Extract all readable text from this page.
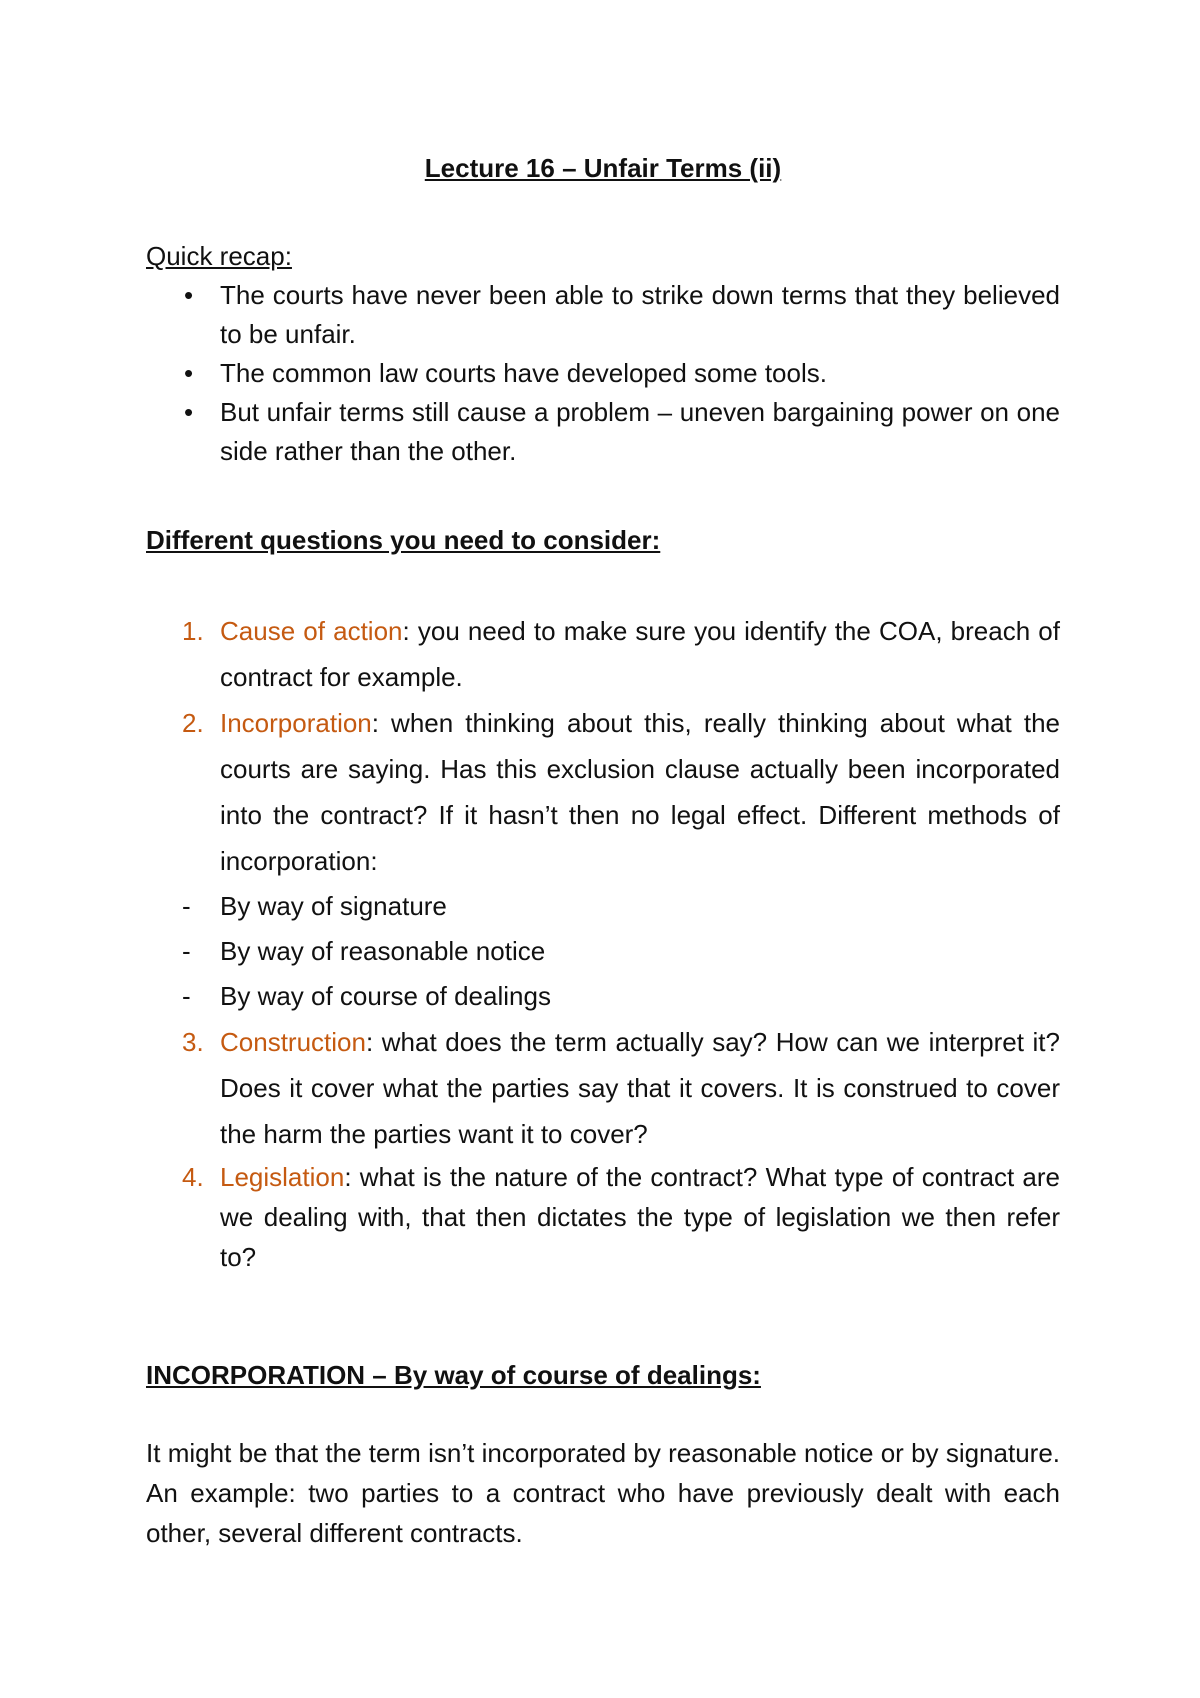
Lecture 16 – Unfair Terms (ii)
Quick recap:
• The courts have never been able to strike down terms that they believed to be unfair.
• The common law courts have developed some tools.
• But unfair terms still cause a problem – uneven bargaining power on one side rather than the other.
Different questions you need to consider:
1. Cause of action: you need to make sure you identify the COA, breach of contract for example.
2. Incorporation: when thinking about this, really thinking about what the courts are saying. Has this exclusion clause actually been incorporated into the contract? If it hasn’t then no legal effect. Different methods of incorporation:
- By way of signature
- By way of reasonable notice
- By way of course of dealings
3. Construction: what does the term actually say? How can we interpret it? Does it cover what the parties say that it covers. It is construed to cover the harm the parties want it to cover?
4. Legislation: what is the nature of the contract? What type of contract are we dealing with, that then dictates the type of legislation we then refer to?
INCORPORATION – By way of course of dealings:

It might be that the term isn’t incorporated by reasonable notice or by signature. An example: two parties to a contract who have previously dealt with each other, several different contracts.
